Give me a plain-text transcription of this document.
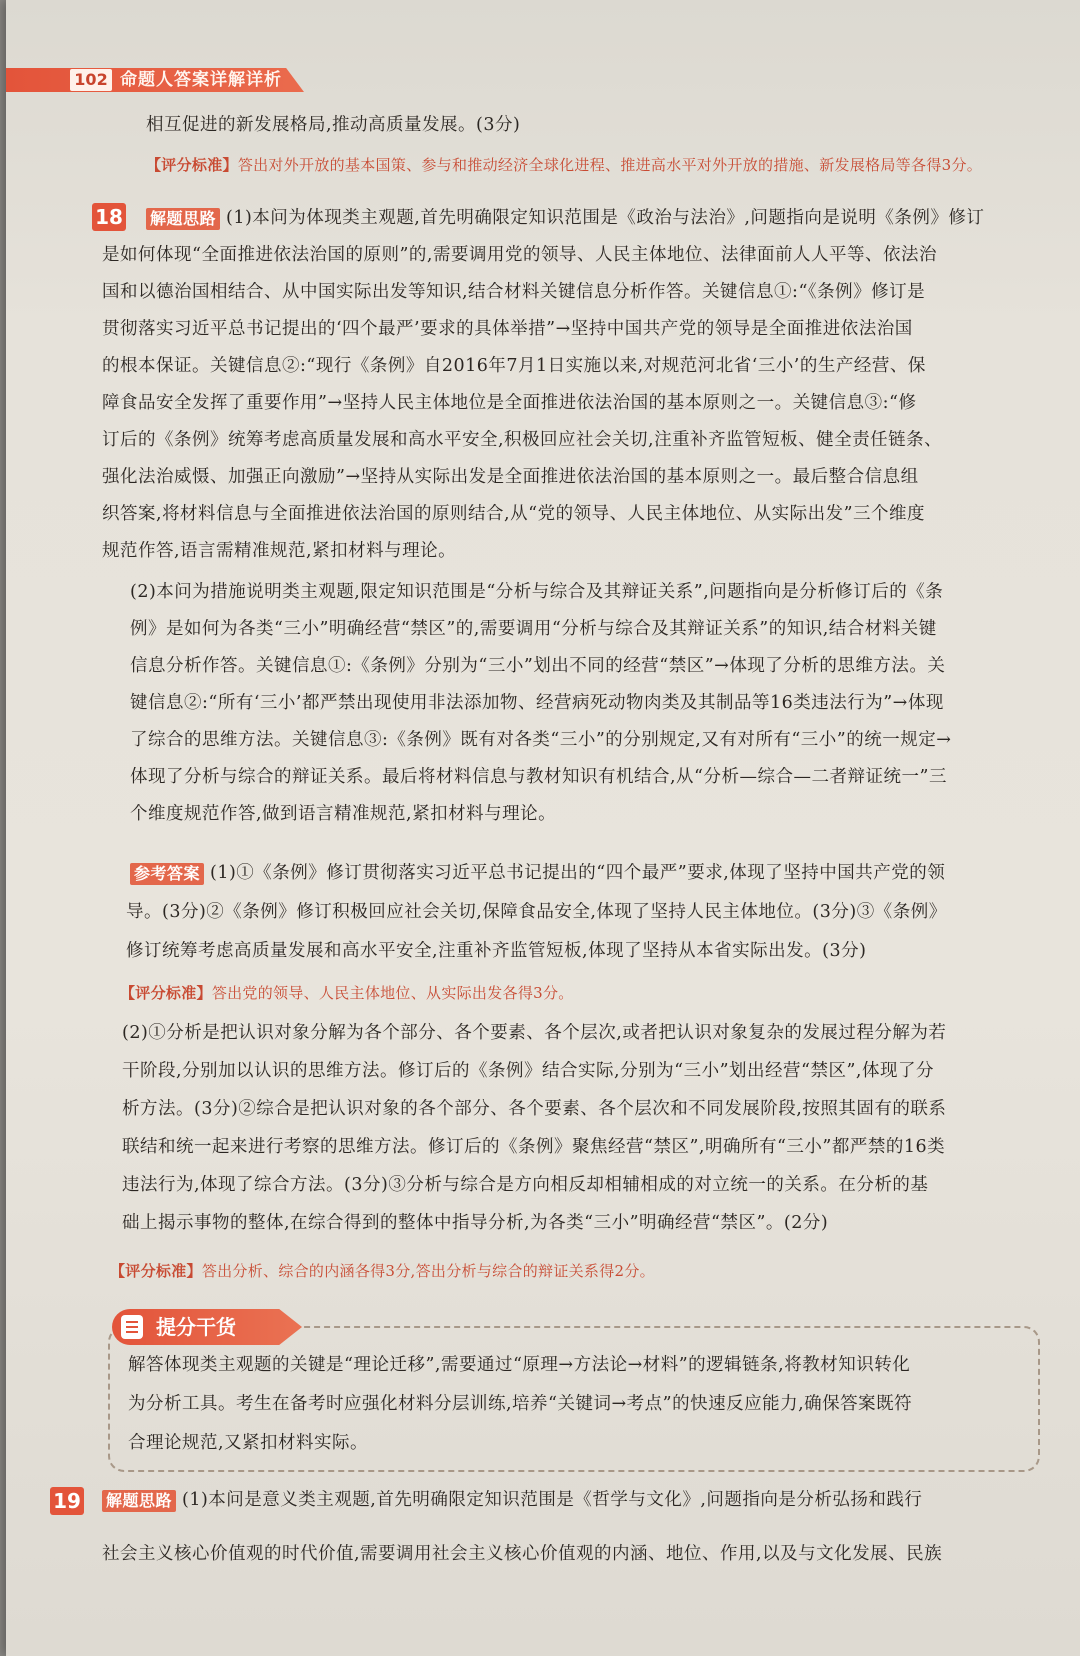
102 命题人答案详解详析
相互促进的新发展格局,推动高质量发展。(3分)
【评分标准】答出对外开放的基本国策、参与和推动经济全球化进程、推进高水平对外开放的措施、新发展格局等各得3分。
18 解题思路 (1)本问为体现类主观题,首先明确限定知识范围是《政治与法治》,问题指向是说明《条例》修订
是如何体现“全面推进依法治国的原则”的,需要调用党的领导、人民主体地位、法律面前人人平等、依法治
国和以德治国相结合、从中国实际出发等知识,结合材料关键信息分析作答。关键信息①:“《条例》修订是
贯彻落实习近平总书记提出的‘四个最严’要求的具体举措”→坚持中国共产党的领导是全面推进依法治国
的根本保证。关键信息②:“现行《条例》自2016年7月1日实施以来,对规范河北省‘三小’的生产经营、保
障食品安全发挥了重要作用”→坚持人民主体地位是全面推进依法治国的基本原则之一。关键信息③:“修
订后的《条例》统筹考虑高质量发展和高水平安全,积极回应社会关切,注重补齐监管短板、健全责任链条、
强化法治威慑、加强正向激励”→坚持从实际出发是全面推进依法治国的基本原则之一。最后整合信息组
织答案,将材料信息与全面推进依法治国的原则结合,从“党的领导、人民主体地位、从实际出发”三个维度
规范作答,语言需精准规范,紧扣材料与理论。
(2)本问为措施说明类主观题,限定知识范围是“分析与综合及其辩证关系”,问题指向是分析修订后的《条
例》是如何为各类“三小”明确经营“禁区”的,需要调用“分析与综合及其辩证关系”的知识,结合材料关键
信息分析作答。关键信息①:《条例》分别为“三小”划出不同的经营“禁区”→体现了分析的思维方法。关
键信息②:“所有‘三小’都严禁出现使用非法添加物、经营病死动物肉类及其制品等16类违法行为”→体现
了综合的思维方法。关键信息③:《条例》既有对各类“三小”的分别规定,又有对所有“三小”的统一规定→
体现了分析与综合的辩证关系。最后将材料信息与教材知识有机结合,从“分析—综合—二者辩证统一”三
个维度规范作答,做到语言精准规范,紧扣材料与理论。
参考答案 (1)①《条例》修订贯彻落实习近平总书记提出的“四个最严”要求,体现了坚持中国共产党的领
导。(3分)②《条例》修订积极回应社会关切,保障食品安全,体现了坚持人民主体地位。(3分)③《条例》
修订统筹考虑高质量发展和高水平安全,注重补齐监管短板,体现了坚持从本省实际出发。(3分)
【评分标准】答出党的领导、人民主体地位、从实际出发各得3分。
(2)①分析是把认识对象分解为各个部分、各个要素、各个层次,或者把认识对象复杂的发展过程分解为若
干阶段,分别加以认识的思维方法。修订后的《条例》结合实际,分别为“三小”划出经营“禁区”,体现了分
析方法。(3分)②综合是把认识对象的各个部分、各个要素、各个层次和不同发展阶段,按照其固有的联系
联结和统一起来进行考察的思维方法。修订后的《条例》聚焦经营“禁区”,明确所有“三小”都严禁的16类
违法行为,体现了综合方法。(3分)③分析与综合是方向相反却相辅相成的对立统一的关系。在分析的基
础上揭示事物的整体,在综合得到的整体中指导分析,为各类“三小”明确经营“禁区”。(2分)
【评分标准】答出分析、综合的内涵各得3分,答出分析与综合的辩证关系得2分。
提分干货
解答体现类主观题的关键是“理论迁移”,需要通过“原理→方法论→材料”的逻辑链条,将教材知识转化
为分析工具。考生在备考时应强化材料分层训练,培养“关键词→考点”的快速反应能力,确保答案既符
合理论规范,又紧扣材料实际。
19 解题思路 (1)本问是意义类主观题,首先明确限定知识范围是《哲学与文化》,问题指向是分析弘扬和践行
社会主义核心价值观的时代价值,需要调用社会主义核心价值观的内涵、地位、作用,以及与文化发展、民族
